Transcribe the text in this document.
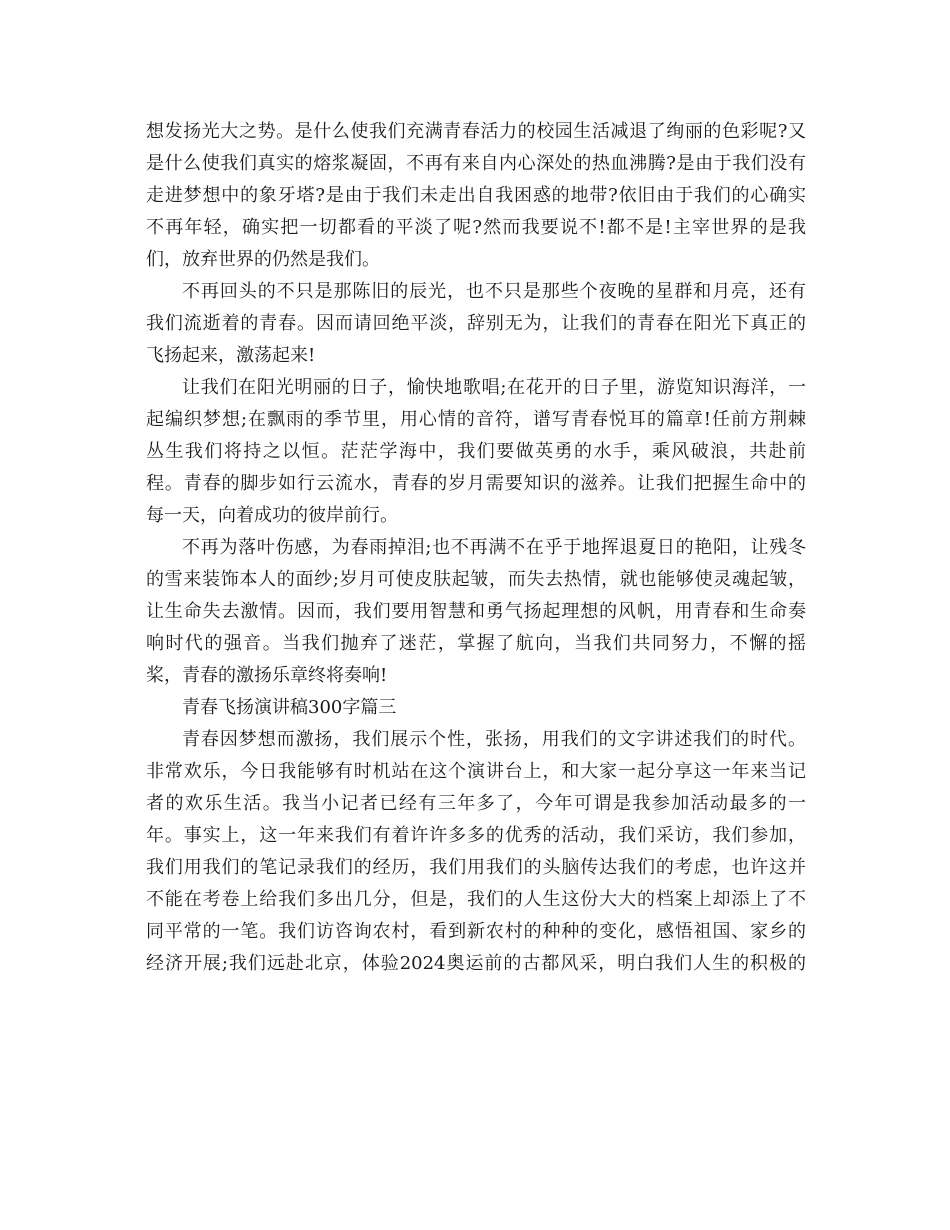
想发扬光大之势。是什么使我们充满青春活力的校园生活减退了绚丽的色彩呢?又
是什么使我们真实的熔浆凝固，不再有来自内心深处的热血沸腾?是由于我们没有
走进梦想中的象牙塔?是由于我们未走出自我困惑的地带?依旧由于我们的心确实
不再年轻，确实把一切都看的平淡了呢?然而我要说不!都不是!主宰世界的是我
们，放弃世界的仍然是我们。
不再回头的不只是那陈旧的辰光，也不只是那些个夜晚的星群和月亮，还有
我们流逝着的青春。因而请回绝平淡，辞别无为，让我们的青春在阳光下真正的
飞扬起来，激荡起来!
让我们在阳光明丽的日子，愉快地歌唱;在花开的日子里，游览知识海洋，一
起编织梦想;在飘雨的季节里，用心情的音符，谱写青春悦耳的篇章!任前方荆棘
丛生我们将持之以恒。茫茫学海中，我们要做英勇的水手，乘风破浪，共赴前
程。青春的脚步如行云流水，青春的岁月需要知识的滋养。让我们把握生命中的
每一天，向着成功的彼岸前行。
不再为落叶伤感，为春雨掉泪;也不再满不在乎于地挥退夏日的艳阳，让残冬
的雪来装饰本人的面纱;岁月可使皮肤起皱，而失去热情，就也能够使灵魂起皱，
让生命失去激情。因而，我们要用智慧和勇气扬起理想的风帆，用青春和生命奏
响时代的强音。当我们抛弃了迷茫，掌握了航向，当我们共同努力，不懈的摇
桨，青春的激扬乐章终将奏响!
青春飞扬演讲稿300字篇三
青春因梦想而激扬，我们展示个性，张扬，用我们的文字讲述我们的时代。
非常欢乐，今日我能够有时机站在这个演讲台上，和大家一起分享这一年来当记
者的欢乐生活。我当小记者已经有三年多了，今年可谓是我参加活动最多的一
年。事实上，这一年来我们有着许许多多的优秀的活动，我们采访，我们参加，
我们用我们的笔记录我们的经历，我们用我们的头脑传达我们的考虑，也许这并
不能在考卷上给我们多出几分，但是，我们的人生这份大大的档案上却添上了不
同平常的一笔。我们访咨询农村，看到新农村的种种的变化，感悟祖国、家乡的
经济开展;我们远赴北京，体验2024奥运前的古都风采，明白我们人生的积极的
